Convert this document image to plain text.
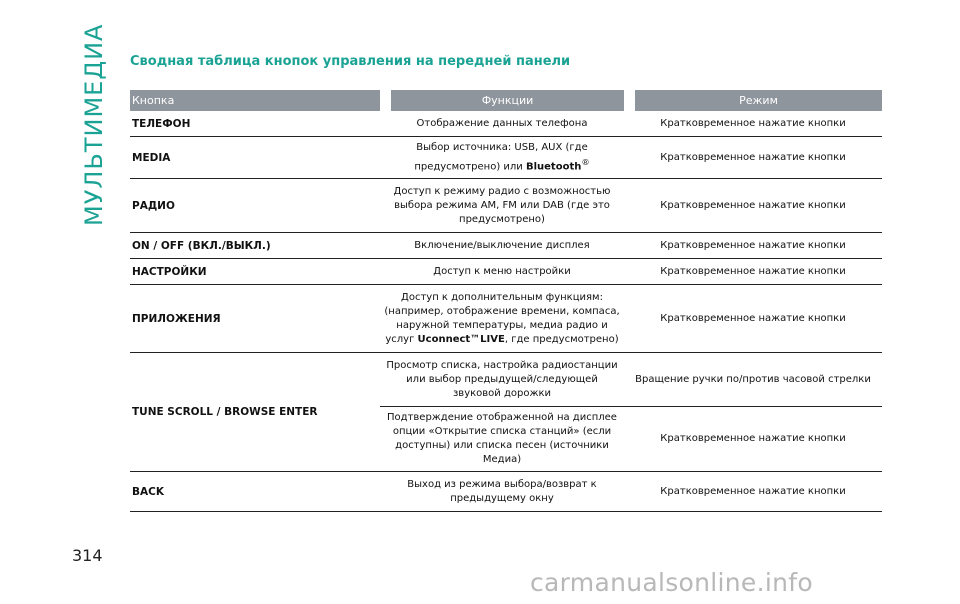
МУЛЬТИМЕДИА Сводная таблица кнопок управления на передней панели
Кнопка	Функции	Режим
ТЕЛЕФОН	Отображение данных телефона	Кратковременное нажатие кнопки
MEDIA	Выбор источника: USB, AUX (где предусмотрено) или Bluetooth®	Кратковременное нажатие кнопки
РАДИО	Доступ к режиму радио с возможностью выбора режима AM, FM или DAB (где это предусмотрено)	Кратковременное нажатие кнопки
ON / OFF (ВКЛ./ВЫКЛ.)	Включение/выключение дисплея	Кратковременное нажатие кнопки
НАСТРОЙКИ	Доступ к меню настройки	Кратковременное нажатие кнопки
ПРИЛОЖЕНИЯ	Доступ к дополнительным функциям: (например, отображение времени, компаса, наружной температуры, медиа радио и услуг Uconnect™LIVE, где предусмотрено)	Кратковременное нажатие кнопки
TUNE SCROLL / BROWSE ENTER	Просмотр списка, настройка радиостанции или выбор предыдущей/следующей звуковой дорожки	Вращение ручки по/против часовой стрелки
	Подтверждение отображенной на дисплее опции «Открытие списка станций» (если доступны) или списка песен (источники Медиа)	Кратковременное нажатие кнопки
BACK	Выход из режима выбора/возврат к предыдущему окну	Кратковременное нажатие кнопки
314
carmanualsonline.info
